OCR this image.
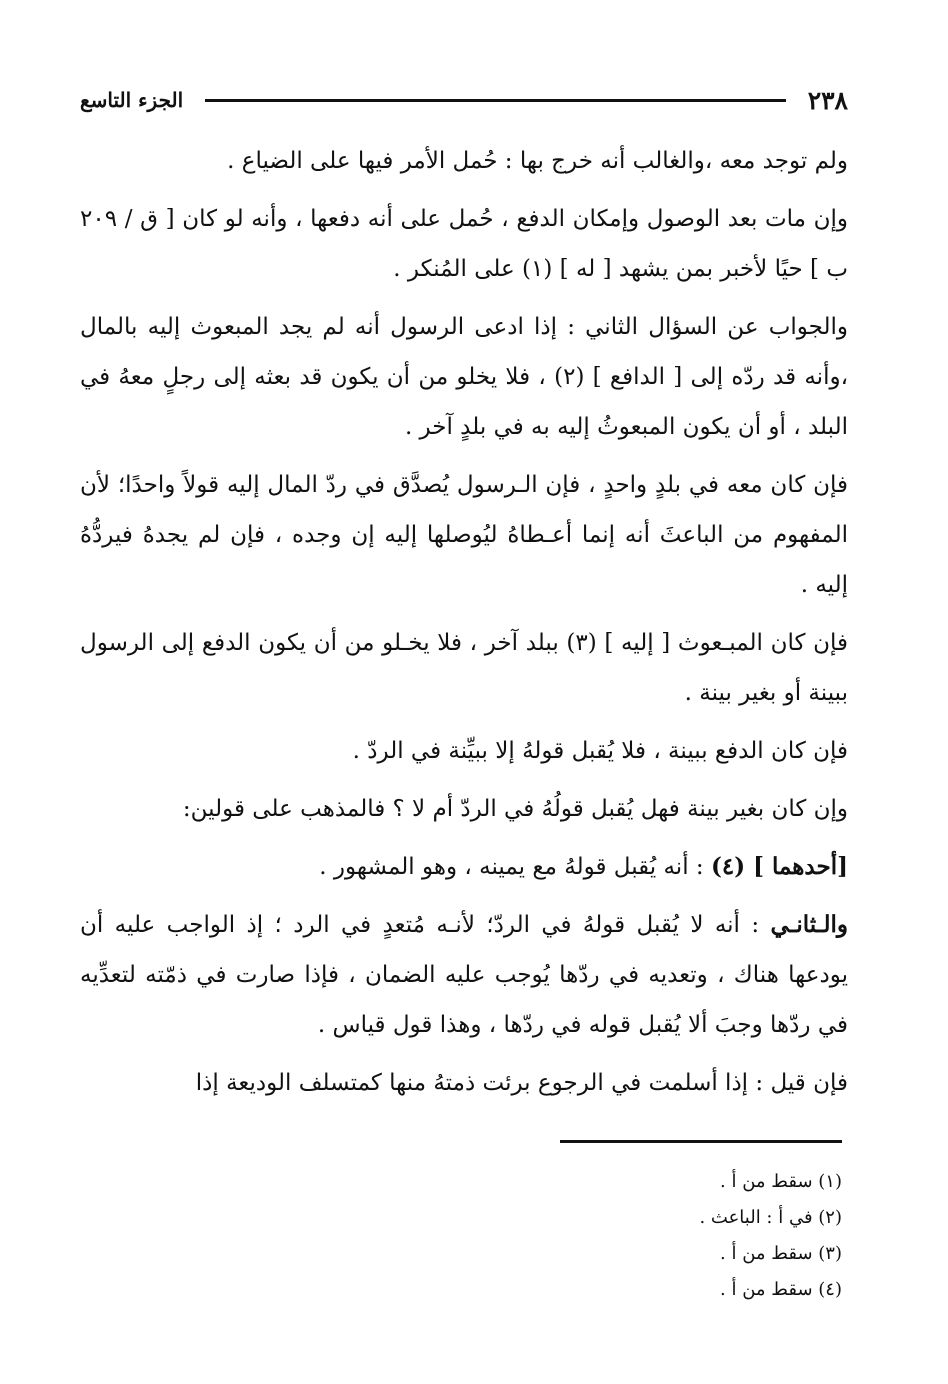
٢٣٨
الجزء التاسع

ولم توجد معه ،والغالب أنه خرج بها : حُمل الأمر فيها على الضياع .

وإن مات بعد الوصول وإمكان الدفع ، حُمل على أنه دفعها ، وأنه لو كان [ ق / ٢٠٩ ب ] حيًا لأخبر بمن يشهد [ له ] (١) على المُنكر .

والجواب عن السؤال الثاني : إذا ادعى الرسول أنه لم يجد المبعوث إليه بالمال ،وأنه قد ردّه إلى [ الدافع ] (٢) ، فلا يخلو من أن يكون قد بعثه إلى رجلٍ معهُ في البلد ، أو أن يكون المبعوثُ إليه به في بلدٍ آخر .

فإن كان معه في بلدٍ واحدٍ ، فإن الـرسول يُصدَّق في ردّ المال إليه قولاً واحدًا؛ لأن المفهوم من الباعثَ أنه إنما أعـطاهُ ليُوصلها إليه إن وجده ، فإن لم يجدهُ فيردُّهُ إليه .

فإن كان المبـعوث [ إليه ] (٣) ببلد آخر ، فلا يخـلو من أن يكون الدفع إلى الرسول ببينة أو بغير بينة .

فإن كان الدفع ببينة ، فلا يُقبل قولهُ إلا ببيِّنة في الردّ .

وإن كان بغير بينة فهل يُقبل قولُهُ في الردّ أم لا ؟ فالمذهب على قولين:

[أحدهما ] (٤) : أنه يُقبل قولهُ مع يمينه ، وهو المشهور .

والـثانـي : أنه لا يُقبل قولهُ في الردّ؛ لأنـه مُتعدٍ في الرد ؛ إذ الواجب عليه أن يودعها هناك ، وتعديه في ردّها يُوجب عليه الضمان ، فإذا صارت في ذمّته لتعدِّيه في ردّها وجبَ ألا يُقبل قوله في ردّها ، وهذا قول قياس .

فإن قيل : إذا أسلمت في الرجوع برئت ذمتهُ منها كمتسلف الوديعة إذا

(١) سقط من أ .
(٢) في أ : الباعث .
(٣) سقط من أ .
(٤) سقط من أ .
